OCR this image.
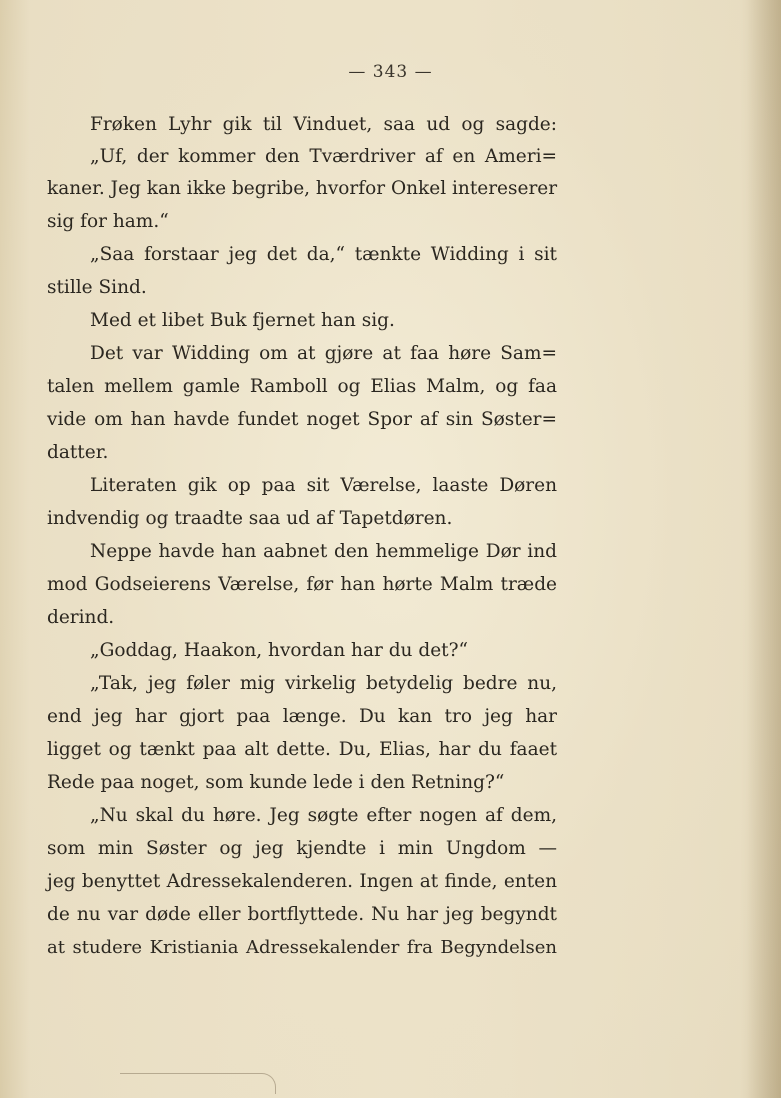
— 343 —
Frøken Lyhr gik til Vinduet, saa ud og sagde:
„Uf, der kommer den Tværdriver af en Ameri=
kaner. Jeg kan ikke begribe, hvorfor Onkel intereserer
sig for ham.“
„Saa forstaar jeg det da,“ tænkte Widding i sit
stille Sind.
Med et libet Buk fjernet han sig.
Det var Widding om at gjøre at faa høre Sam=
talen mellem gamle Ramboll og Elias Malm, og faa
vide om han havde fundet noget Spor af sin Søster=
datter.
Literaten gik op paa sit Værelse, laaste Døren
indvendig og traadte saa ud af Tapetdøren.
Neppe havde han aabnet den hemmelige Dør ind
mod Godseierens Værelse, før han hørte Malm træde
derind.
„Goddag, Haakon, hvordan har du det?“
„Tak, jeg føler mig virkelig betydelig bedre nu,
end jeg har gjort paa længe. Du kan tro jeg har
ligget og tænkt paa alt dette. Du, Elias, har du faaet
Rede paa noget, som kunde lede i den Retning?“
„Nu skal du høre. Jeg søgte efter nogen af dem,
som min Søster og jeg kjendte i min Ungdom —
jeg benyttet Adressekalenderen. Ingen at finde, enten
de nu var døde eller bortflyttede. Nu har jeg begyndt
at studere Kristiania Adressekalender fra Begyndelsen
